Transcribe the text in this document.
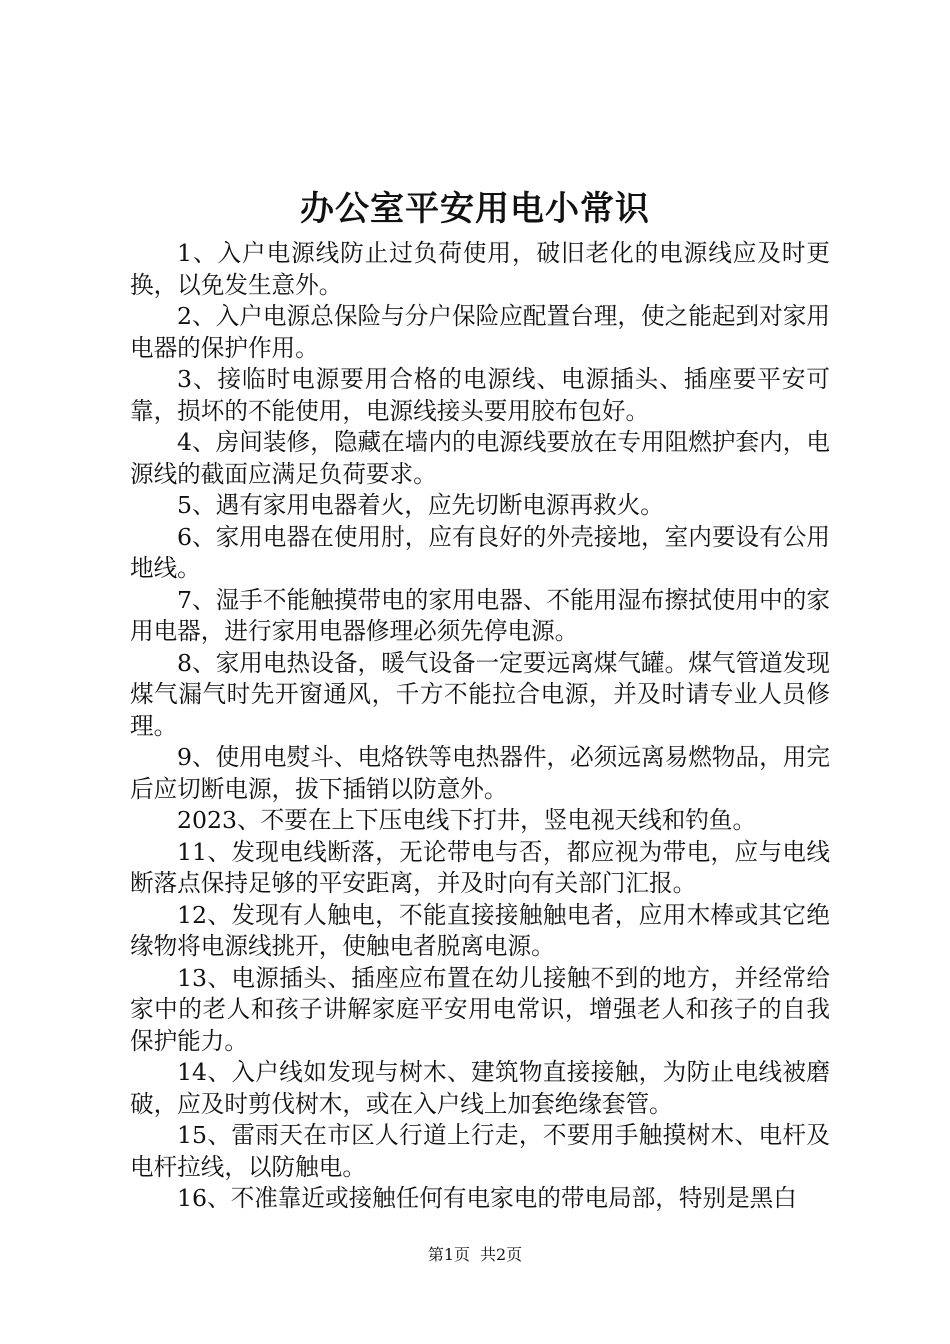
办公室平安用电小常识

1、入户电源线防止过负荷使用，破旧老化的电源线应及时更换，以免发生意外。

2、入户电源总保险与分户保险应配置台理，使之能起到对家用电器的保护作用。

3、接临时电源要用合格的电源线、电源插头、插座要平安可靠，损坏的不能使用，电源线接头要用胶布包好。

4、房间装修，隐藏在墙内的电源线要放在专用阻燃护套内，电源线的截面应满足负荷要求。

5、遇有家用电器着火，应先切断电源再救火。

6、家用电器在使用肘，应有良好的外壳接地，室内要设有公用地线。

7、湿手不能触摸带电的家用电器、不能用湿布擦拭使用中的家用电器，进行家用电器修理必须先停电源。

8、家用电热设备，暖气设备一定要远离煤气罐。煤气管道发现煤气漏气时先开窗通风，千方不能拉合电源，并及时请专业人员修理。

9、使用电熨斗、电烙铁等电热器件，必须远离易燃物品，用完后应切断电源，拔下插销以防意外。

2023、不要在上下压电线下打井，竖电视天线和钓鱼。

11、发现电线断落，无论带电与否，都应视为带电，应与电线断落点保持足够的平安距离，并及时向有关部门汇报。

12、发现有人触电，不能直接接触触电者，应用木棒或其它绝缘物将电源线挑开，使触电者脱离电源。

13、电源插头、插座应布置在幼儿接触不到的地方，并经常给家中的老人和孩子讲解家庭平安用电常识，增强老人和孩子的自我保护能力。

14、入户线如发现与树木、建筑物直接接触，为防止电线被磨破，应及时剪伐树木，或在入户线上加套绝缘套管。

15、雷雨天在市区人行道上行走，不要用手触摸树木、电杆及电杆拉线，以防触电。

16、不准靠近或接触任何有电家电的带电局部，特别是黑白

第1页 共2页
